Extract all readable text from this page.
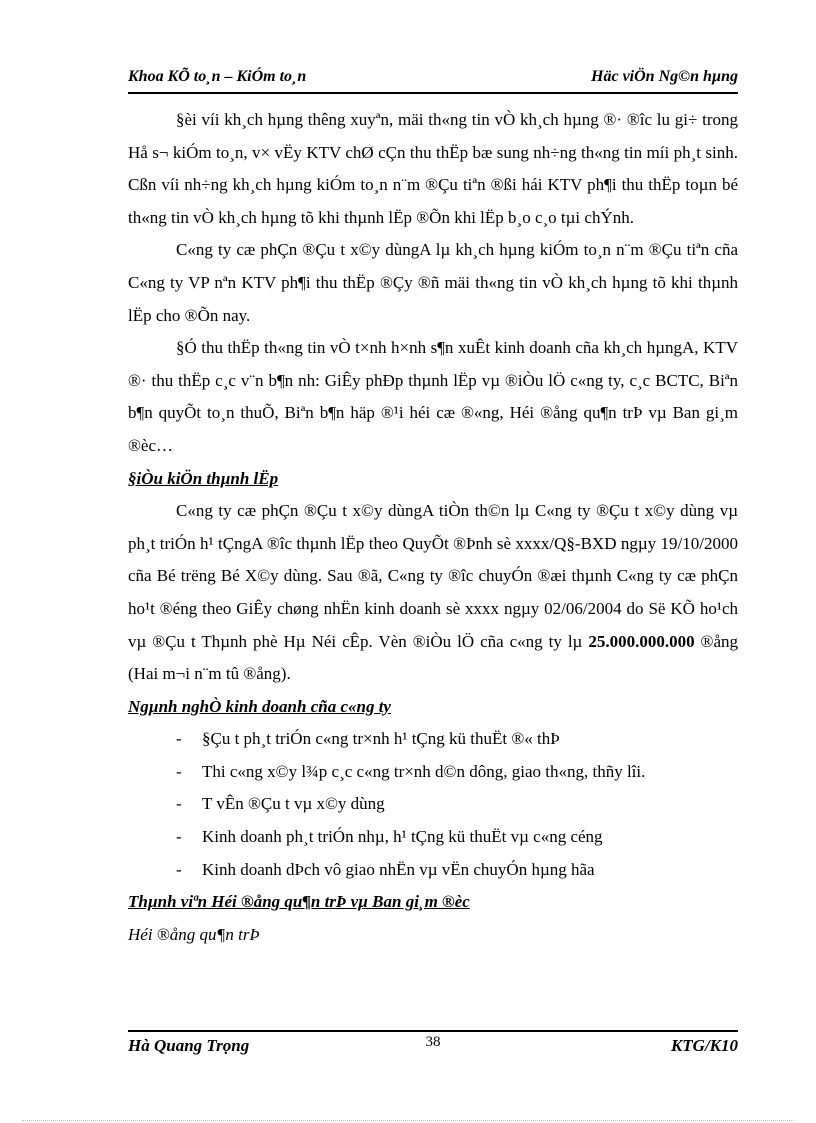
Khoa KÕ to¸n – KiÓm to¸n	Häc viÖn Ng©n hµng

§èi víi kh¸ch hµng thêng xuyªn, mäi th«ng tin vÒ kh¸ch hµng ®· ®îc lu gi÷ trong Hå s¬ kiÓm to¸n, v× vËy KTV chØ cÇn thu thËp bæ sung nh÷ng th«ng tin míi ph¸t sinh. Cßn víi nh÷ng kh¸ch hµng kiÓm to¸n n¨m ®Çu tiªn ®ßi hái KTV ph¶i thu thËp toµn bé th«ng tin vÒ kh¸ch hµng tõ khi thµnh lËp ®Õn khi lËp b¸o c¸o tµi chÝnh.

C«ng ty cæ phÇn ®Çu t x©y dùngA lµ kh¸ch hµng kiÓm to¸n n¨m ®Çu tiªn cña C«ng ty VP nªn KTV ph¶i thu thËp ®Çy ®ñ mäi th«ng tin vÒ kh¸ch hµng tõ khi thµnh lËp cho ®Õn nay.

§Ó thu thËp th«ng tin vÒ t×nh h×nh s¶n xuÊt kinh doanh cña kh¸ch hµngA, KTV ®· thu thËp c¸c v¨n b¶n nh: GiÊy phÐp thµnh lËp vµ ®iÒu lÖ c«ng ty, c¸c BCTC, Biªn b¶n quyÕt to¸n thuÕ, Biªn b¶n häp ®¹i héi cæ ®«ng, Héi ®ång qu¶n trÞ vµ Ban gi¸m ®èc…

§iÒu kiÖn thµnh lËp

C«ng ty cæ phÇn ®Çu t x©y dùngA tiÒn th©n lµ C«ng ty ®Çu t x©y dùng vµ ph¸t triÓn h¹ tÇngA ®îc thµnh lËp theo QuyÕt ®Þnh sè xxxx/Q§-BXD ngµy 19/10/2000 cña Bé trëng Bé X©y dùng. Sau ®ã, C«ng ty ®îc chuyÓn ®æi thµnh C«ng ty cæ phÇn ho¹t ®éng theo GiÊy chøng nhËn kinh doanh sè xxxx ngµy 02/06/2004 do Së KÕ ho¹ch vµ ®Çu t Thµnh phè Hµ Néi cÊp. Vèn ®iÒu lÖ cña c«ng ty lµ 25.000.000.000 ®ång (Hai m¬i n¨m tû ®ång).

Ngµnh nghÒ kinh doanh cña c«ng ty
- §Çu t ph¸t triÓn c«ng tr×nh h¹ tÇng kü thuËt ®« thÞ
- Thi c«ng x©y l¾p c¸c c«ng tr×nh d©n dông, giao th«ng, thñy lîi.
- T vÊn ®Çu t vµ x©y dùng
- Kinh doanh ph¸t triÓn nhµ, h¹ tÇng kü thuËt vµ c«ng céng
- Kinh doanh dÞch vô giao nhËn vµ vËn chuyÓn hµng hãa
Thµnh viªn Héi ®ång qu¶n trÞ vµ Ban gi¸m ®èc
Héi ®ång qu¶n trÞ
Hà Quang Trọng	38	KTG/K10
